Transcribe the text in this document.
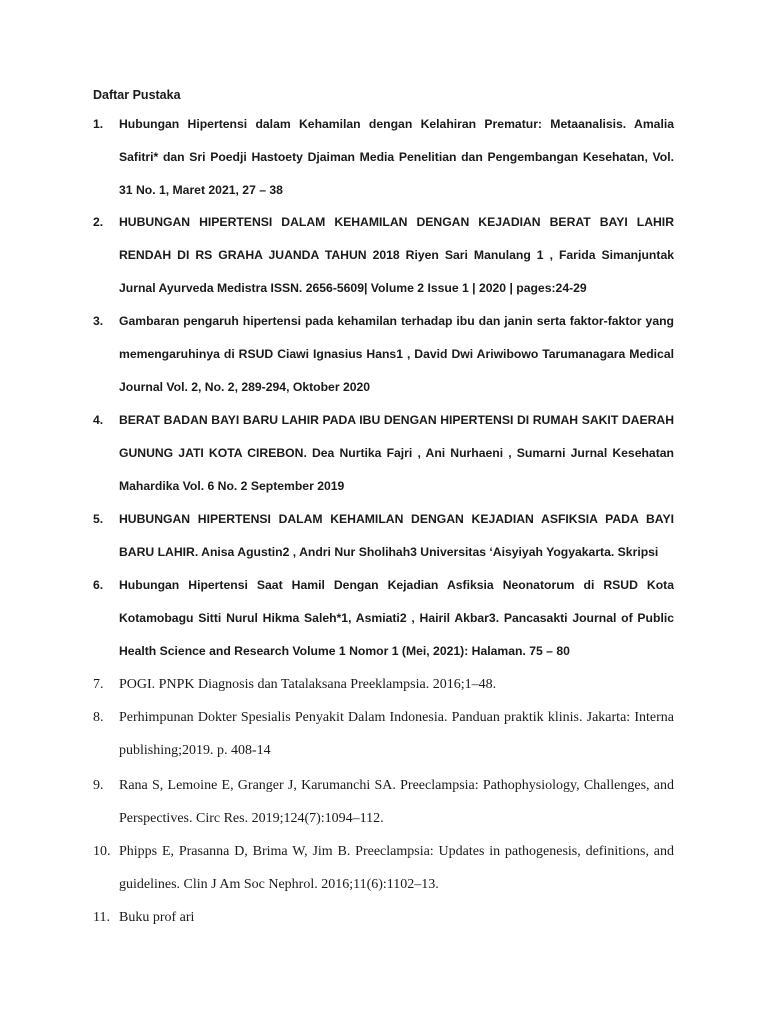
Daftar Pustaka
1.	Hubungan Hipertensi dalam Kehamilan dengan Kelahiran Prematur: Metaanalisis. Amalia Safitri* dan Sri Poedji Hastoety Djaiman Media Penelitian dan Pengembangan Kesehatan, Vol. 31 No. 1, Maret 2021, 27 – 38
2.	HUBUNGAN HIPERTENSI DALAM KEHAMILAN DENGAN KEJADIAN BERAT BAYI LAHIR RENDAH DI RS GRAHA JUANDA TAHUN 2018 Riyen Sari Manulang 1 , Farida Simanjuntak Jurnal Ayurveda Medistra ISSN. 2656-5609| Volume 2 Issue 1 | 2020 | pages:24-29
3.	Gambaran pengaruh hipertensi pada kehamilan terhadap ibu dan janin serta faktor-faktor yang memengaruhinya di RSUD Ciawi Ignasius Hans1 , David Dwi Ariwibowo Tarumanagara Medical Journal Vol. 2, No. 2, 289-294, Oktober 2020
4.	BERAT BADAN BAYI BARU LAHIR PADA IBU DENGAN HIPERTENSI DI RUMAH SAKIT DAERAH GUNUNG JATI KOTA CIREBON. Dea Nurtika Fajri , Ani Nurhaeni , Sumarni Jurnal Kesehatan Mahardika Vol. 6 No. 2 September 2019
5.	HUBUNGAN HIPERTENSI DALAM KEHAMILAN DENGAN KEJADIAN ASFIKSIA PADA BAYI BARU LAHIR. Anisa Agustin2 , Andri Nur Sholihah3 Universitas ‘Aisyiyah Yogyakarta. Skripsi
6.	Hubungan Hipertensi Saat Hamil Dengan Kejadian Asfiksia Neonatorum di RSUD Kota Kotamobagu Sitti Nurul Hikma Saleh*1, Asmiati2 , Hairil Akbar3. Pancasakti Journal of Public Health Science and Research Volume 1 Nomor 1 (Mei, 2021): Halaman. 75 – 80
7.	POGI. PNPK Diagnosis dan Tatalaksana Preeklampsia. 2016;1–48.
8.	Perhimpunan Dokter Spesialis Penyakit Dalam Indonesia. Panduan praktik klinis. Jakarta: Interna publishing;2019. p. 408-14
9.	Rana S, Lemoine E, Granger J, Karumanchi SA. Preeclampsia: Pathophysiology, Challenges, and Perspectives. Circ Res. 2019;124(7):1094–112.
10. Phipps E, Prasanna D, Brima W, Jim B. Preeclampsia: Updates in pathogenesis, definitions, and guidelines. Clin J Am Soc Nephrol. 2016;11(6):1102–13.
11. Buku prof ari
